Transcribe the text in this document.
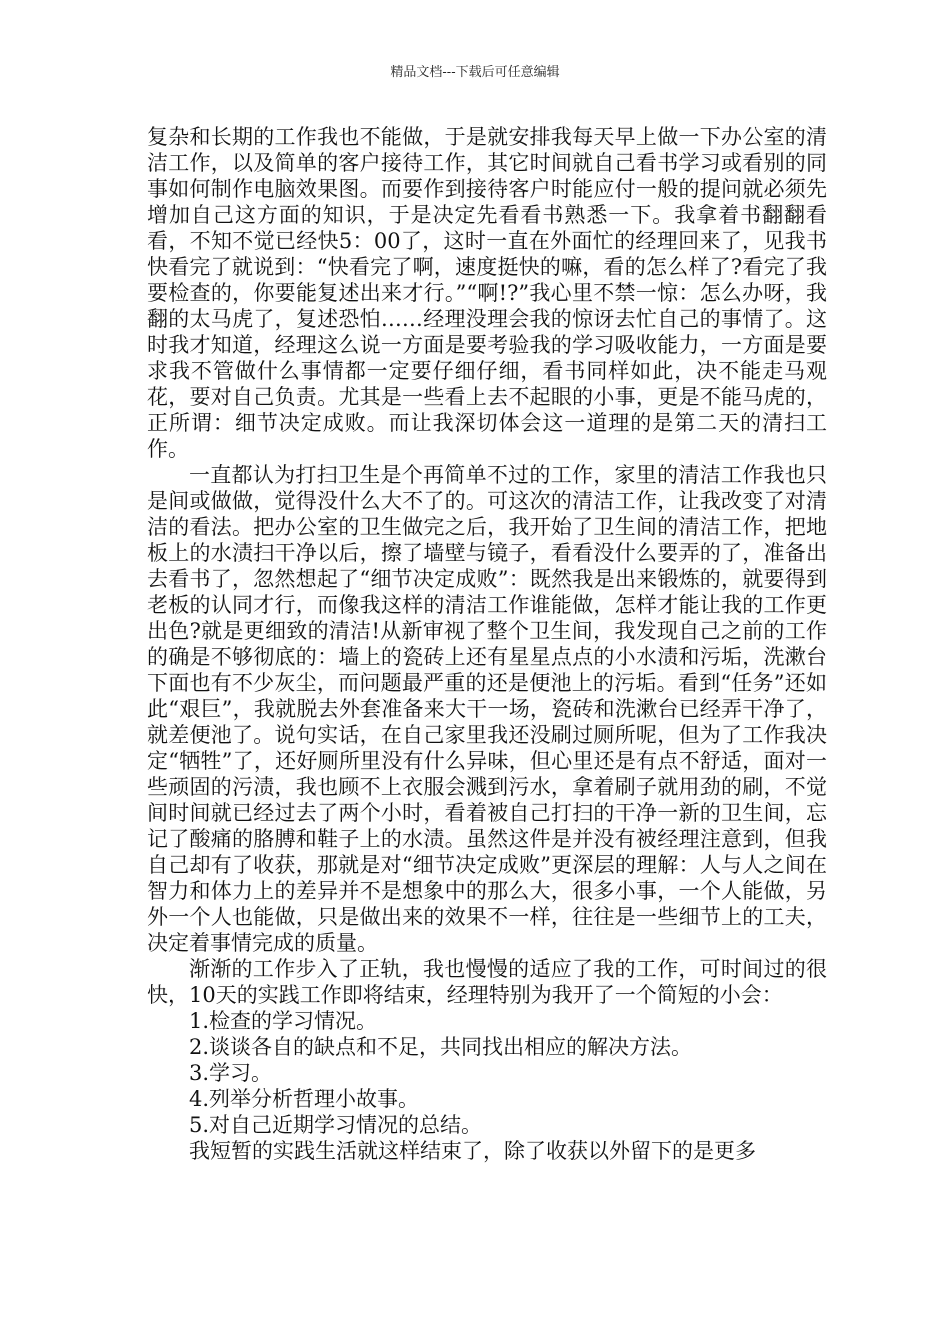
精品文档---下载后可任意编辑

复杂和长期的工作我也不能做，于是就安排我每天早上做一下办公室的清洁工作，以及简单的客户接待工作，其它时间就自己看书学习或看别的同事如何制作电脑效果图。而要作到接待客户时能应付一般的提问就必须先增加自己这方面的知识，于是决定先看看书熟悉一下。我拿着书翻翻看看，不知不觉已经快5：00了，这时一直在外面忙的经理回来了，见我书快看完了就说到：“快看完了啊，速度挺快的嘛，看的怎么样了?看完了我要检查的，你要能复述出来才行。”“啊!?”我心里不禁一惊：怎么办呀，我翻的太马虎了，复述恐怕……经理没理会我的惊讶去忙自己的事情了。这时我才知道，经理这么说一方面是要考验我的学习吸收能力，一方面是要求我不管做什么事情都一定要仔细仔细，看书同样如此，决不能走马观花，要对自己负责。尤其是一些看上去不起眼的小事，更是不能马虎的，正所谓：细节决定成败。而让我深切体会这一道理的是第二天的清扫工作。

一直都认为打扫卫生是个再简单不过的工作，家里的清洁工作我也只是间或做做，觉得没什么大不了的。可这次的清洁工作，让我改变了对清洁的看法。把办公室的卫生做完之后，我开始了卫生间的清洁工作，把地板上的水渍扫干净以后，擦了墙壁与镜子，看看没什么要弄的了，准备出去看书了，忽然想起了“细节决定成败”：既然我是出来锻炼的，就要得到老板的认同才行，而像我这样的清洁工作谁能做，怎样才能让我的工作更出色?就是更细致的清洁!从新审视了整个卫生间，我发现自己之前的工作的确是不够彻底的：墙上的瓷砖上还有星星点点的小水渍和污垢，洗漱台下面也有不少灰尘，而问题最严重的还是便池上的污垢。看到“任务”还如此“艰巨”，我就脱去外套准备来大干一场，瓷砖和洗漱台已经弄干净了，就差便池了。说句实话，在自己家里我还没刷过厕所呢，但为了工作我决定“牺牲”了，还好厕所里没有什么异味，但心里还是有点不舒适，面对一些顽固的污渍，我也顾不上衣服会溅到污水，拿着刷子就用劲的刷，不觉间时间就已经过去了两个小时，看着被自己打扫的干净一新的卫生间，忘记了酸痛的胳膊和鞋子上的水渍。虽然这件是并没有被经理注意到，但我自己却有了收获，那就是对“细节决定成败”更深层的理解：人与人之间在智力和体力上的差异并不是想象中的那么大，很多小事，一个人能做，另外一个人也能做，只是做出来的效果不一样，往往是一些细节上的工夫，决定着事情完成的质量。

渐渐的工作步入了正轨，我也慢慢的适应了我的工作，可时间过的很快，10天的实践工作即将结束，经理特别为我开了一个简短的小会：

1.检查的学习情况。
2.谈谈各自的缺点和不足，共同找出相应的解决方法。
3.学习。
4.列举分析哲理小故事。
5.对自己近期学习情况的总结。

我短暂的实践生活就这样结束了，除了收获以外留下的是更多
